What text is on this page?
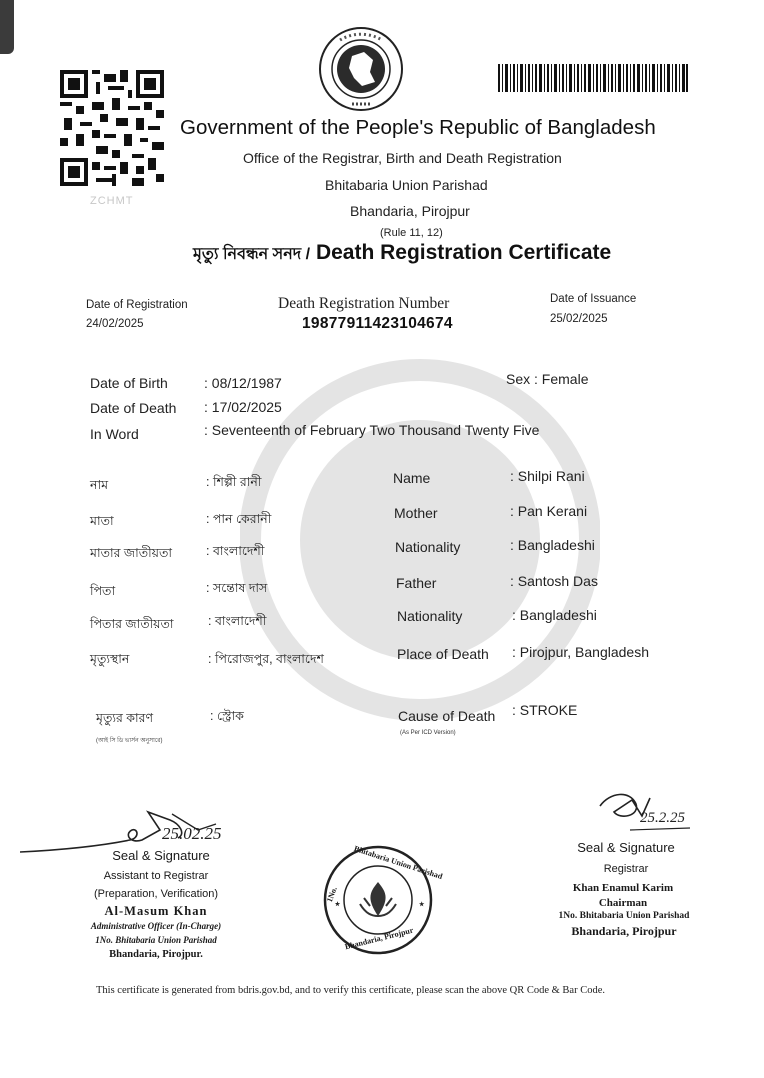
ZCHMT
Government of the People's Republic of Bangladesh
Office of the Registrar, Birth and Death Registration
Bhitabaria Union Parishad
Bhandaria, Pirojpur
(Rule 11, 12)
মৃত্যু নিবন্ধন সনদ / Death Registration Certificate
Date of Registration
24/02/2025
Death Registration Number
19877911423104674
Date of Issuance
25/02/2025
Date of Birth	: 08/12/1987
Date of Death : 17/02/2025
In Word	: Seventeenth of February Two Thousand Twenty Five
Sex : Female
নাম	: শিল্পী রানী	Name	: Shilpi Rani
মাতা	: পান কেরানী	Mother	: Pan Kerani
মাতার জাতীয়তা	: বাংলাদেশী	Nationality	: Bangladeshi
পিতা	: সন্তোষ দাস	Father	: Santosh Das
পিতার জাতীয়তা	: বাংলাদেশী	Nationality	: Bangladeshi
মৃত্যুস্থান	: পিরোজপুর, বাংলাদেশ	Place of Death : Pirojpur, Bangladesh
মৃত্যুর কারণ	: স্ট্রোক	Cause of Death : STROKE
(আই সি ডি ভার্সন অনুসারে)
(As Per ICD Version)
25.02.25
25.2.25
Seal & Signature
Assistant to Registrar
(Preparation, Verification)
Al-Masum Khan
Administrative Officer (In-Charge)
1No. Bhitabaria Union Parishad
Bhandaria, Pirojpur.
★	★
Bhitabaria Union Parishad
1No.
Bhandaria, Pirojpur
Seal & Signature
Registrar
Khan Enamul Karim
Chairman
1No. Bhitabaria Union Parishad
Bhandaria, Pirojpur
This certificate is generated from bdris.gov.bd, and to verify this certificate, please scan the above QR Code & Bar Code.
